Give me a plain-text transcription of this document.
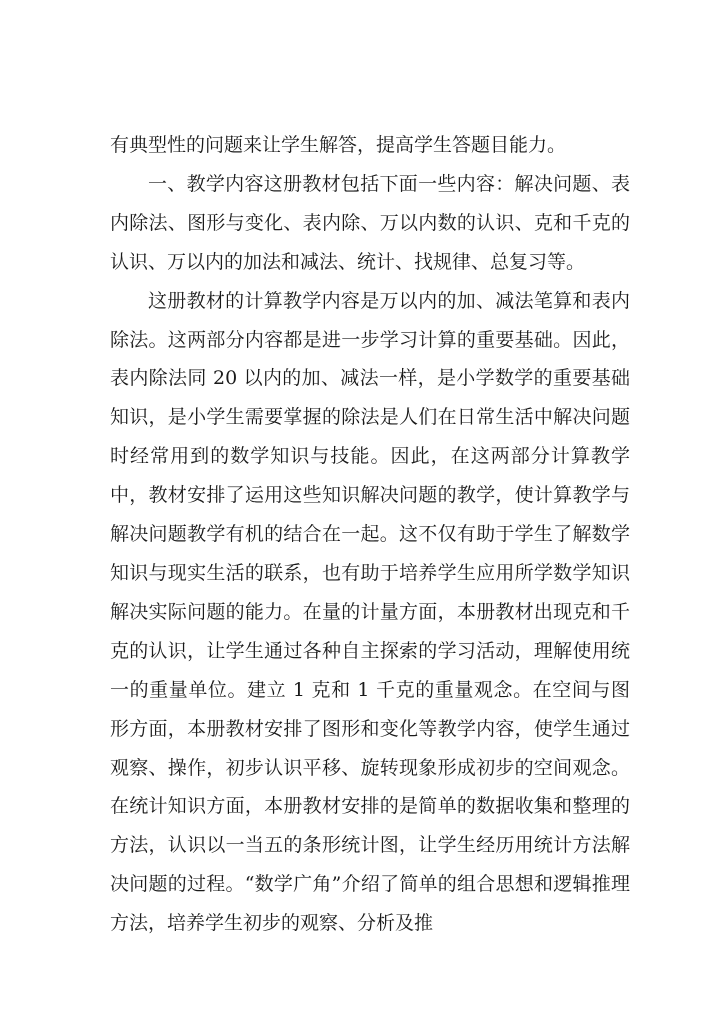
有典型性的问题来让学生解答，提高学生答题目能力。

一、教学内容这册教材包括下面一些内容：解决问题、表内除法、图形与变化、表内除、万以内数的认识、克和千克的认识、万以内的加法和减法、统计、找规律、总复习等。

这册教材的计算教学内容是万以内的加、减法笔算和表内除法。这两部分内容都是进一步学习计算的重要基础。因此，表内除法同 20 以内的加、减法一样，是小学数学的重要基础知识，是小学生需要掌握的除法是人们在日常生活中解决问题时经常用到的数学知识与技能。因此，在这两部分计算教学中，教材安排了运用这些知识解决问题的教学，使计算教学与解决问题教学有机的结合在一起。这不仅有助于学生了解数学知识与现实生活的联系，也有助于培养学生应用所学数学知识解决实际问题的能力。在量的计量方面，本册教材出现克和千克的认识，让学生通过各种自主探索的学习活动，理解使用统一的重量单位。建立 1 克和 1 千克的重量观念。在空间与图形方面，本册教材安排了图形和变化等教学内容，使学生通过观察、操作，初步认识平移、旋转现象形成初步的空间观念。在统计知识方面，本册教材安排的是简单的数据收集和整理的方法，认识以一当五的条形统计图，让学生经历用统计方法解决问题的过程。“数学广角”介绍了简单的组合思想和逻辑推理方法，培养学生初步的观察、分析及推
